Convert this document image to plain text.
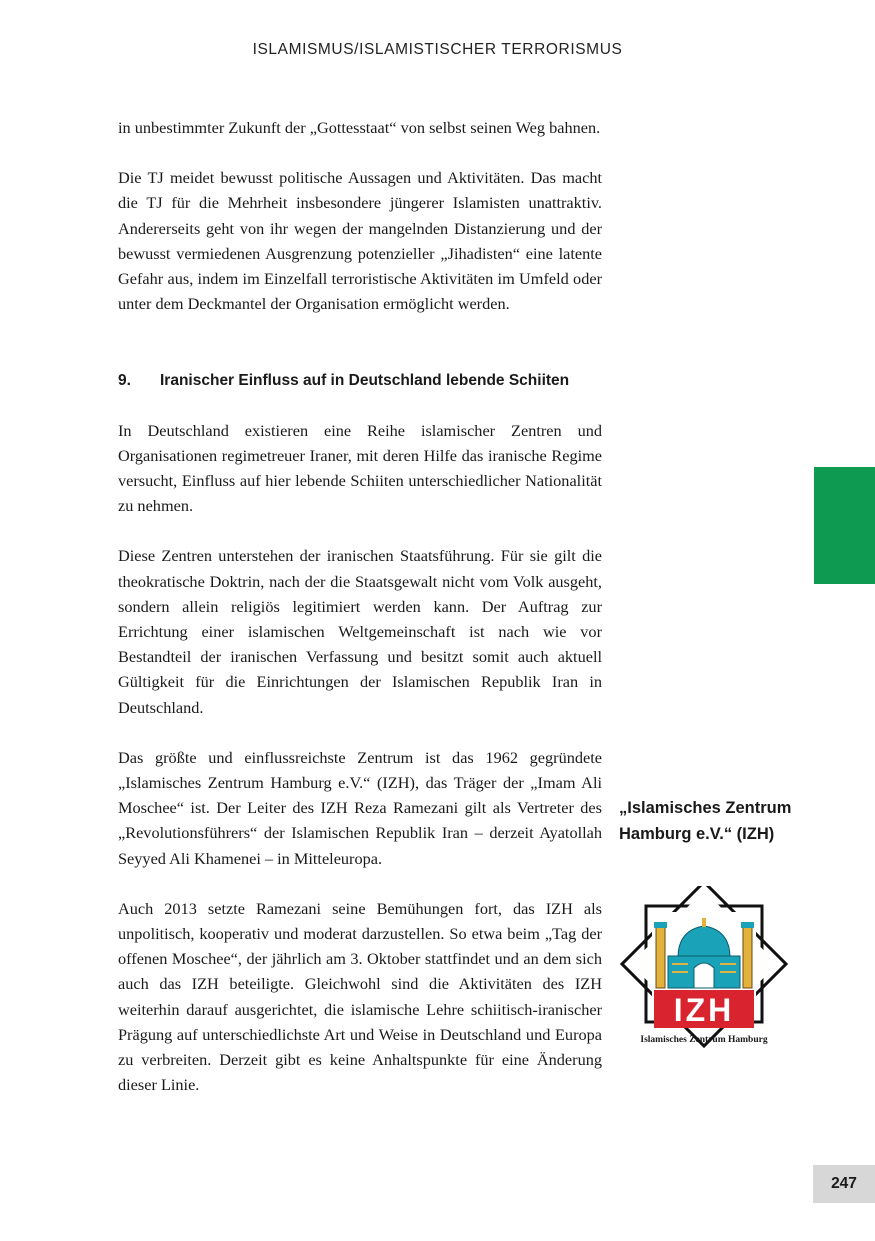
ISLAMISMUS/ISLAMISTISCHER TERRORISMUS

in unbestimmter Zukunft der „Gottesstaat“ von selbst seinen Weg bahnen.

Die TJ meidet bewusst politische Aussagen und Aktivitäten. Das macht die TJ für die Mehrheit insbesondere jüngerer Islamisten unattraktiv. Andererseits geht von ihr wegen der mangelnden Distanzierung und der bewusst vermiedenen Ausgrenzung potenzieller „Jihadisten“ eine latente Gefahr aus, indem im Einzelfall terroristische Aktivitäten im Umfeld oder unter dem Deckmantel der Organisation ermöglicht werden.

9.	Iranischer Einfluss auf in Deutschland lebende Schiiten

In Deutschland existieren eine Reihe islamischer Zentren und Organisationen regimetreuer Iraner, mit deren Hilfe das iranische Regime versucht, Einfluss auf hier lebende Schiiten unterschiedlicher Nationalität zu nehmen.

Diese Zentren unterstehen der iranischen Staatsführung. Für sie gilt die theokratische Doktrin, nach der die Staatsgewalt nicht vom Volk ausgeht, sondern allein religiös legitimiert werden kann. Der Auftrag zur Errichtung einer islamischen Weltgemeinschaft ist nach wie vor Bestandteil der iranischen Verfassung und besitzt somit auch aktuell Gültigkeit für die Einrichtungen der Islamischen Republik Iran in Deutschland.

Das größte und einflussreichste Zentrum ist das 1962 gegründete „Islamisches Zentrum Hamburg e.V.“ (IZH), das Träger der „Imam Ali Moschee“ ist. Der Leiter des IZH Reza Ramezani gilt als Vertreter des „Revolutionsführers“ der Islamischen Republik Iran – derzeit Ayatollah Seyyed Ali Khamenei – in Mitteleuropa.

Auch 2013 setzte Ramezani seine Bemühungen fort, das IZH als unpolitisch, kooperativ und moderat darzustellen. So etwa beim „Tag der offenen Moschee“, der jährlich am 3. Oktober stattfindet und an dem sich auch das IZH beteiligte. Gleichwohl sind die Aktivitäten des IZH weiterhin darauf ausgerichtet, die islamische Lehre schiitisch-iranischer Prägung auf unterschiedlichste Art und Weise in Deutschland und Europa zu verbreiten. Derzeit gibt es keine Anhaltspunkte für eine Änderung dieser Linie.

„Islamisches Zentrum Hamburg e.V.“ (IZH)
IZH
Islamisches Zentrum Hamburg
247
